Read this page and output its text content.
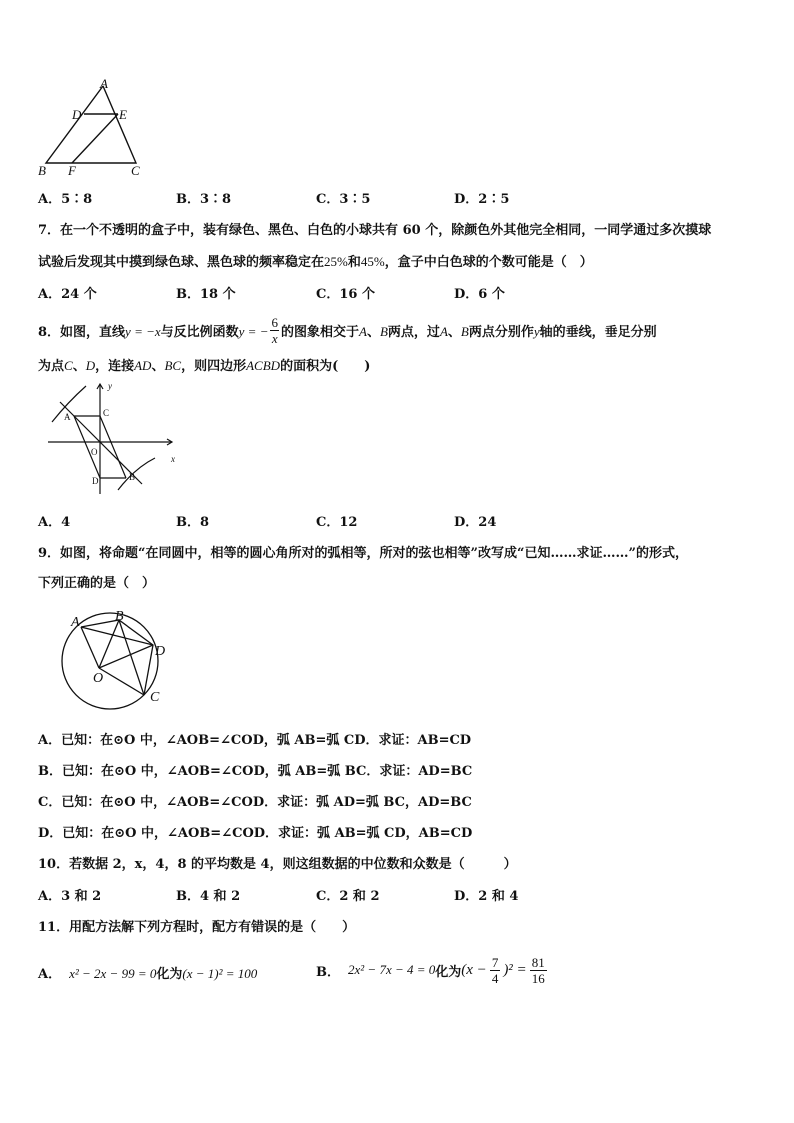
A
D	E
B F	C
A．5∶8	B．3∶8	C．3∶5	D．2∶5
7．在一个不透明的盒子中，装有绿色、黑色、白色的小球共有 60 个，除颜色外其他完全相同，一同学通过多次摸球
试验后发现其中摸到绿色球、黑色球的频率稳定在25%和45%，盒子中白色球的个数可能是（　）
A．24 个	B．18 个	C．16 个	D．6 个
8．如图，直线y = −x与反比例函数y = − $\frac{6}{x}$ 的图象相交于A、B两点，过A、B两点分别作y轴的垂线，垂足分别
为点C、D，连接AD、BC，则四边形ACBD的面积为(　　)
y
x
A	C
O
D	B
A．4	B．8	C．12	D．24
9．如图，将命题“在同圆中，相等的圆心角所对的弧相等，所对的弦也相等”改写成“已知……求证……”的形式，
下列正确的是（　）
A	B
D
O
C
A．已知：在⊙O 中，∠AOB=∠COD，弧 AB=弧 CD．求证：AB=CD
B．已知：在⊙O 中，∠AOB=∠COD，弧 AB=弧 BC．求证：AD=BC
C．已知：在⊙O 中，∠AOB=∠COD．求证：弧 AD=弧 BC，AD=BC
D．已知：在⊙O 中，∠AOB=∠COD．求证：弧 AB=弧 CD，AB=CD
10．若数据 2，x，4，8 的平均数是 4，则这组数据的中位数和众数是（　　　）
A．3 和 2	B．4 和 2	C．2 和 2	D．2 和 4
11．用配方法解下列方程时，配方有错误的是（　　）
A． x² − 2x − 99 = 0化为(x − 1)² = 100	B． 2x² − 7x − 4 = 0 化为 $(x - \frac{7}{4} )^2 = \frac{81}{16}$
